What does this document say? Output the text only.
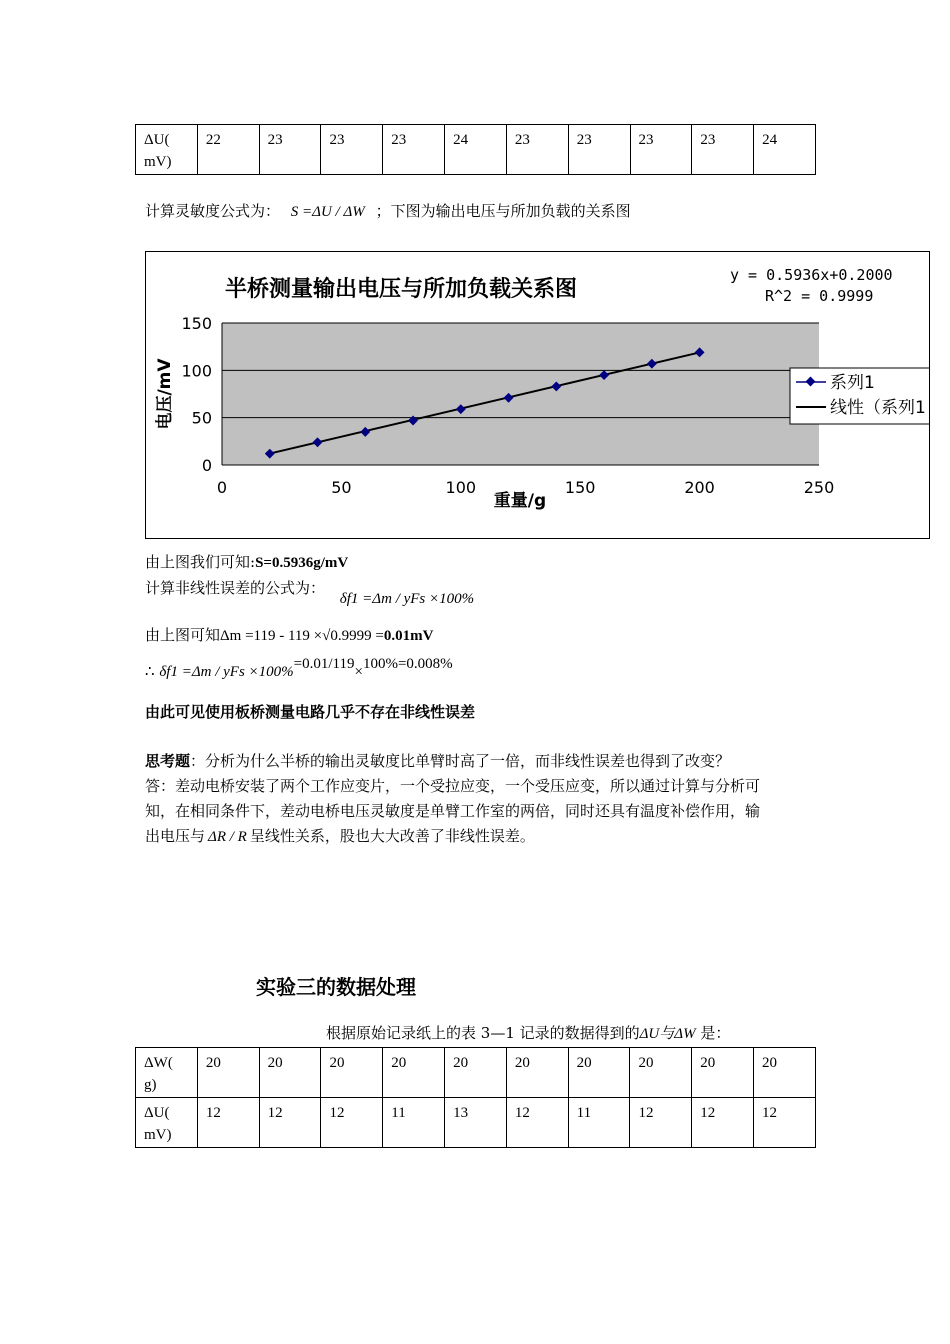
ΔU(
mV)	22	23	23	23	24	23	23	23	23	24
计算灵敏度公式为： S =ΔU / ΔW ；下图为输出电压与所加负载的关系图
半桥测量输出电压与所加负载关系图
y = 0.5936x+0.2000
R^2 = 0.9999
0
50
100
150
0	50	100	150	200	250
重量/g
电压/mV	系列1
线性（系列1
由上图我们可知:S=0.5936g/mV
计算非线性误差的公式为： δf1 =Δm / yFs ×100%
由上图可知Δm =119 - 119 ×√0.9999 =0.01mV
∴ δf1 =Δm / yFs ×100%=0.01/119×100%=0.008%
由此可见使用板桥测量电路几乎不存在非线性误差
思考题：分析为什么半桥的输出灵敏度比单臂时高了一倍，而非线性误差也得到了改变？
答：差动电桥安装了两个工作应变片，一个受拉应变，一个受压应变，所以通过计算与分析可
知，在相同条件下，差动电桥电压灵敏度是单臂工作室的两倍，同时还具有温度补偿作用，输
出电压与 ΔR / R 呈线性关系，股也大大改善了非线性误差。
实验三的数据处理
根据原始记录纸上的表 3—1 记录的数据得到的ΔU与ΔW 是：
ΔW(
g)	20	20	20	20	20	20	20	20	20	20
ΔU(
mV)	12	12	12	11	13	12	11	12	12	12
